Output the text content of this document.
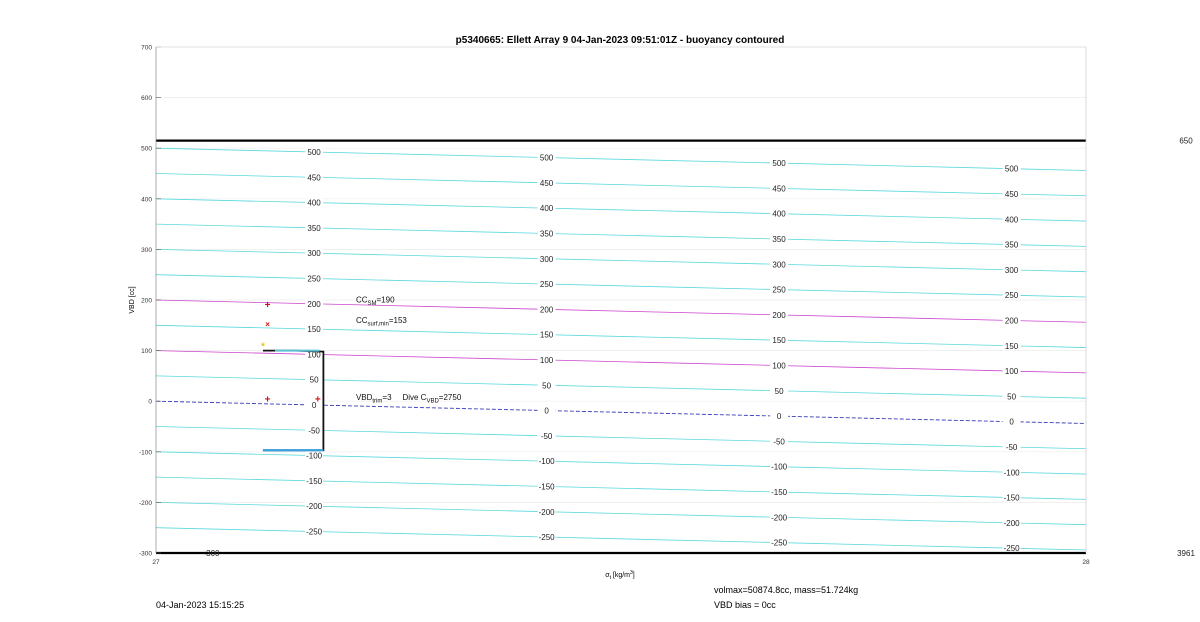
-250
-250
-250
-250
-200
-200
-200
-200
-150
-150
-150
-150
-100
-100
-100
-100
-50
-50
-50
-50
0
0
0
0
50
50
50
50
100
100
100
100
150
150
150
150
200
200
200
200
250
250
250
250
300
300
300
300
350
350
350
350
400
400
400
400
450
450
450
450
500
500
500
500
650
3961
-300
+
×
+	+
*
-300
-200
-100
0
100
200
300
400
500
600
700
27	28
p5340665: Ellett Array 9 04-Jan-2023 09:51:01Z - buoyancy contoured
VBD [cc]
$\sigma_t$ $[kg/m^3]$
$CC_{SM}=190$
$CC_{surf,min}=153$
$VBD_{trim}=3$ Dive $C_{VBD}=2750$
04-Jan-2023 15:15:25
volmax=50874.8cc, mass=51.724kg
VBD bias = 0cc
